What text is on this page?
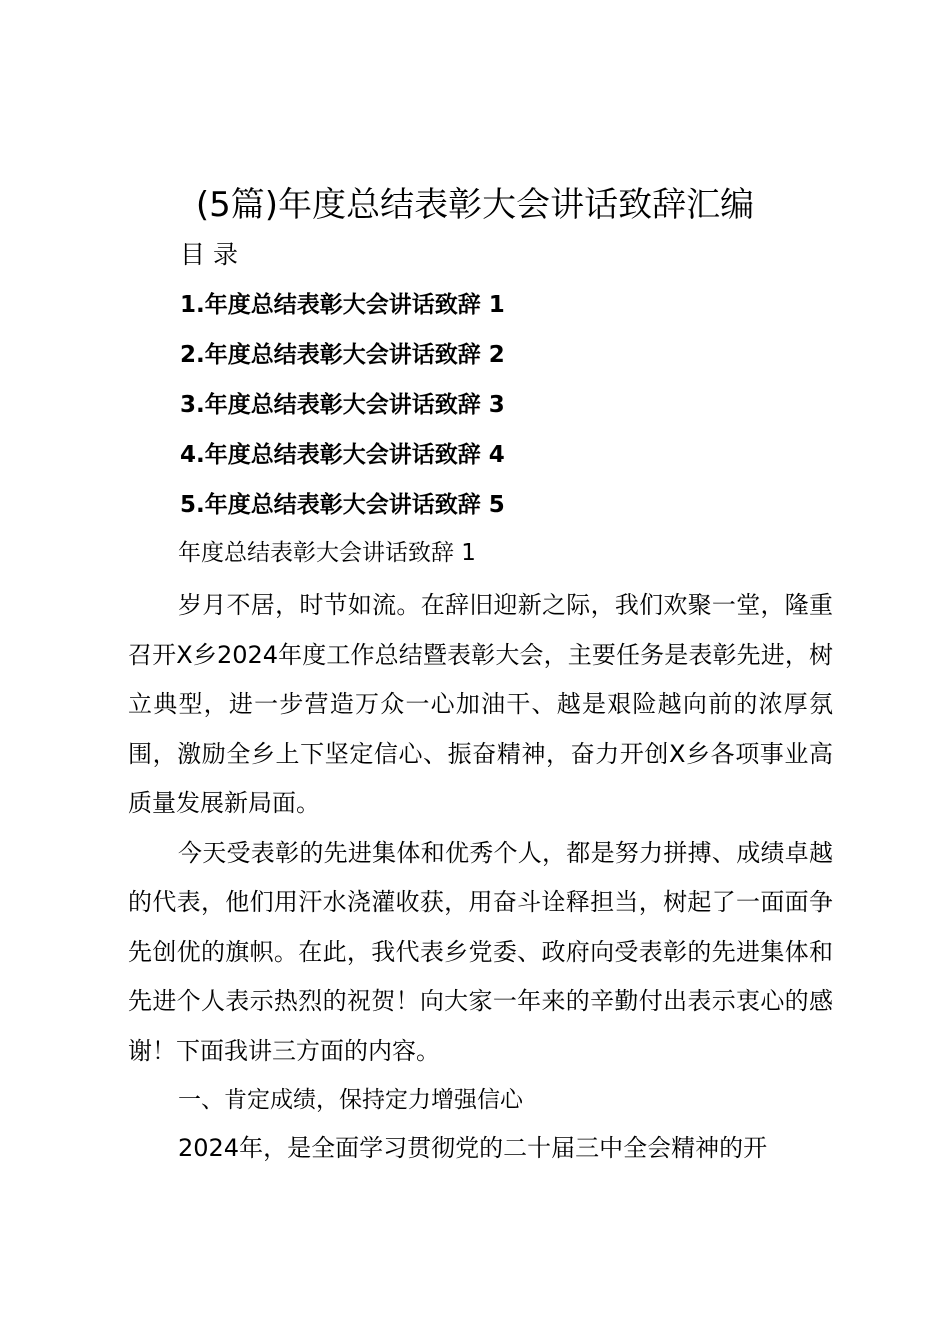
(5篇)年度总结表彰大会讲话致辞汇编
目 录
1.年度总结表彰大会讲话致辞 1
2.年度总结表彰大会讲话致辞 2
3.年度总结表彰大会讲话致辞 3
4.年度总结表彰大会讲话致辞 4
5.年度总结表彰大会讲话致辞 5

年度总结表彰大会讲话致辞 1

岁月不居，时节如流。在辞旧迎新之际，我们欢聚一堂，隆重召开X乡2024年度工作总结暨表彰大会，主要任务是表彰先进，树立典型，进一步营造万众一心加油干、越是艰险越向前的浓厚氛围，激励全乡上下坚定信心、振奋精神，奋力开创X乡各项事业高质量发展新局面。

今天受表彰的先进集体和优秀个人，都是努力拼搏、成绩卓越的代表，他们用汗水浇灌收获，用奋斗诠释担当，树起了一面面争先创优的旗帜。在此，我代表乡党委、政府向受表彰的先进集体和先进个人表示热烈的祝贺！向大家一年来的辛勤付出表示衷心的感谢！下面我讲三方面的内容。

一、肯定成绩，保持定力增强信心

2024年，是全面学习贯彻党的二十届三中全会精神的开
